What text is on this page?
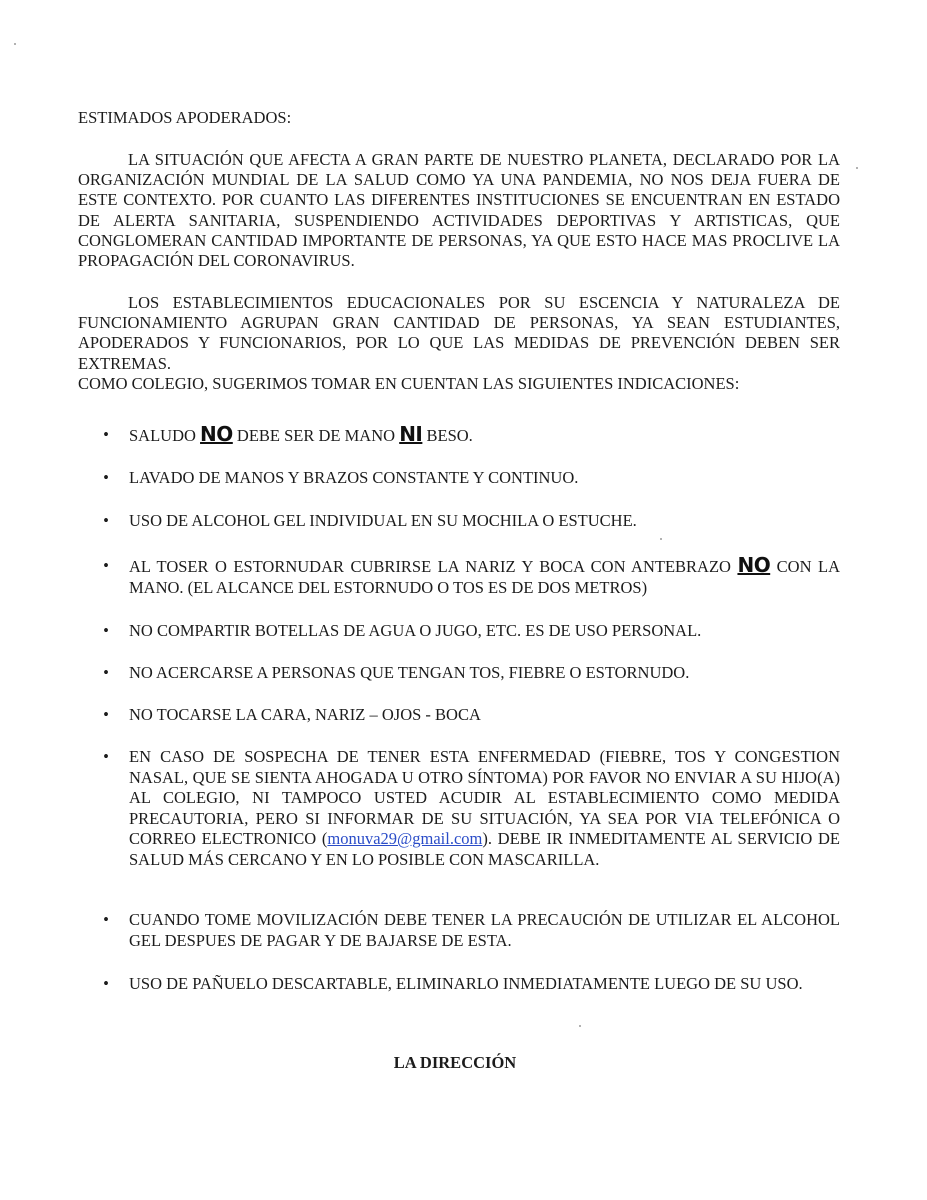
ESTIMADOS APODERADOS:

LA SITUACIÓN QUE AFECTA A GRAN PARTE DE NUESTRO PLANETA, DECLARADO POR LA ORGANIZACIÓN MUNDIAL DE LA SALUD COMO YA UNA PANDEMIA, NO NOS DEJA FUERA DE ESTE CONTEXTO. POR CUANTO LAS DIFERENTES INSTITUCIONES SE ENCUENTRAN EN ESTADO DE ALERTA SANITARIA, SUSPENDIENDO ACTIVIDADES DEPORTIVAS Y ARTISTICAS, QUE CONGLOMERAN CANTIDAD IMPORTANTE DE PERSONAS, YA QUE ESTO HACE MAS PROCLIVE LA PROPAGACIÓN DEL CORONAVIRUS.

LOS ESTABLECIMIENTOS EDUCACIONALES POR SU ESCENCIA Y NATURALEZA DE FUNCIONAMIENTO AGRUPAN GRAN CANTIDAD DE PERSONAS, YA SEAN ESTUDIANTES, APODERADOS Y FUNCIONARIOS, POR LO QUE LAS MEDIDAS DE PREVENCIÓN DEBEN SER EXTREMAS.

COMO COLEGIO, SUGERIMOS TOMAR EN CUENTAN LAS SIGUIENTES INDICACIONES:

• SALUDO NO DEBE SER DE MANO NI BESO.
• LAVADO DE MANOS Y BRAZOS CONSTANTE Y CONTINUO.
• USO DE ALCOHOL GEL INDIVIDUAL EN SU MOCHILA O ESTUCHE.
• AL TOSER O ESTORNUDAR CUBRIRSE LA NARIZ Y BOCA CON ANTEBRAZO NO CON LA MANO. (EL ALCANCE DEL ESTORNUDO O TOS ES DE DOS METROS)
• NO COMPARTIR BOTELLAS DE AGUA O JUGO, ETC. ES DE USO PERSONAL.
• NO ACERCARSE A PERSONAS QUE TENGAN TOS, FIEBRE O ESTORNUDO.
• NO TOCARSE LA CARA, NARIZ – OJOS - BOCA
• EN CASO DE SOSPECHA DE TENER ESTA ENFERMEDAD (FIEBRE, TOS Y CONGESTION NASAL, QUE SE SIENTA AHOGADA U OTRO SÍNTOMA) POR FAVOR NO ENVIAR A SU HIJO(A) AL COLEGIO, NI TAMPOCO USTED ACUDIR AL ESTABLECIMIENTO COMO MEDIDA PRECAUTORIA, PERO SI INFORMAR DE SU SITUACIÓN, YA SEA POR VIA TELEFÓNICA O CORREO ELECTRONICO (monuva29@gmail.com). DEBE IR INMEDITAMENTE AL SERVICIO DE SALUD MÁS CERCANO Y EN LO POSIBLE CON MASCARILLA.
• CUANDO TOME MOVILIZACIÓN DEBE TENER LA PRECAUCIÓN DE UTILIZAR EL ALCOHOL GEL DESPUES DE PAGAR Y DE BAJARSE DE ESTA.
• USO DE PAÑUELO DESCARTABLE, ELIMINARLO INMEDIATAMENTE LUEGO DE SU USO.

LA DIRECCIÓN
